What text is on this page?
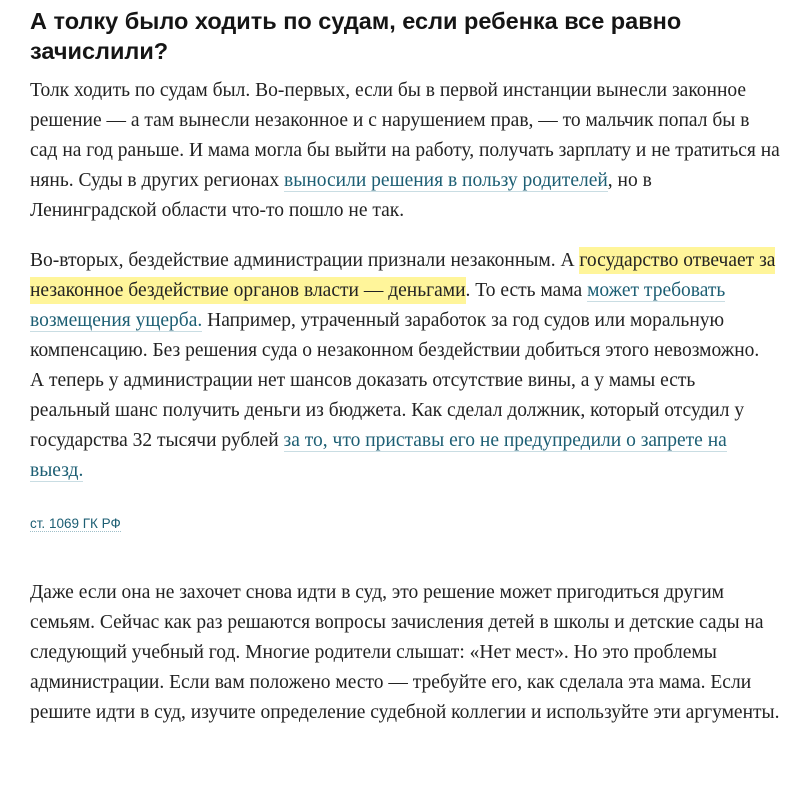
А толку было ходить по судам, если ребенка все равно зачислили?

Толк ходить по судам был. Во-первых, если бы в первой инстанции вынесли законное решение — а там вынесли незаконное и с нарушением прав, — то мальчик попал бы в сад на год раньше. И мама могла бы выйти на работу, получать зарплату и не тратиться на нянь. Суды в других регионах выносили решения в пользу родителей, но в Ленинградской области что-то пошло не так.

Во-вторых, бездействие администрации признали незаконным. А государство отвечает за незаконное бездействие органов власти — деньгами. То есть мама может требовать возмещения ущерба. Например, утраченный заработок за год судов или моральную компенсацию. Без решения суда о незаконном бездействии добиться этого невозможно.

А теперь у администрации нет шансов доказать отсутствие вины, а у мамы есть реальный шанс получить деньги из бюджета. Как сделал должник, который отсудил у государства 32 тысячи рублей за то, что приставы его не предупредили о запрете на выезд.

ст. 1069 ГК РФ

Даже если она не захочет снова идти в суд, это решение может пригодиться другим семьям. Сейчас как раз решаются вопросы зачисления детей в школы и детские сады на следующий учебный год. Многие родители слышат: «Нет мест». Но это проблемы администрации. Если вам положено место — требуйте его, как сделала эта мама. Если решите идти в суд, изучите определение судебной коллегии и используйте эти аргументы.
